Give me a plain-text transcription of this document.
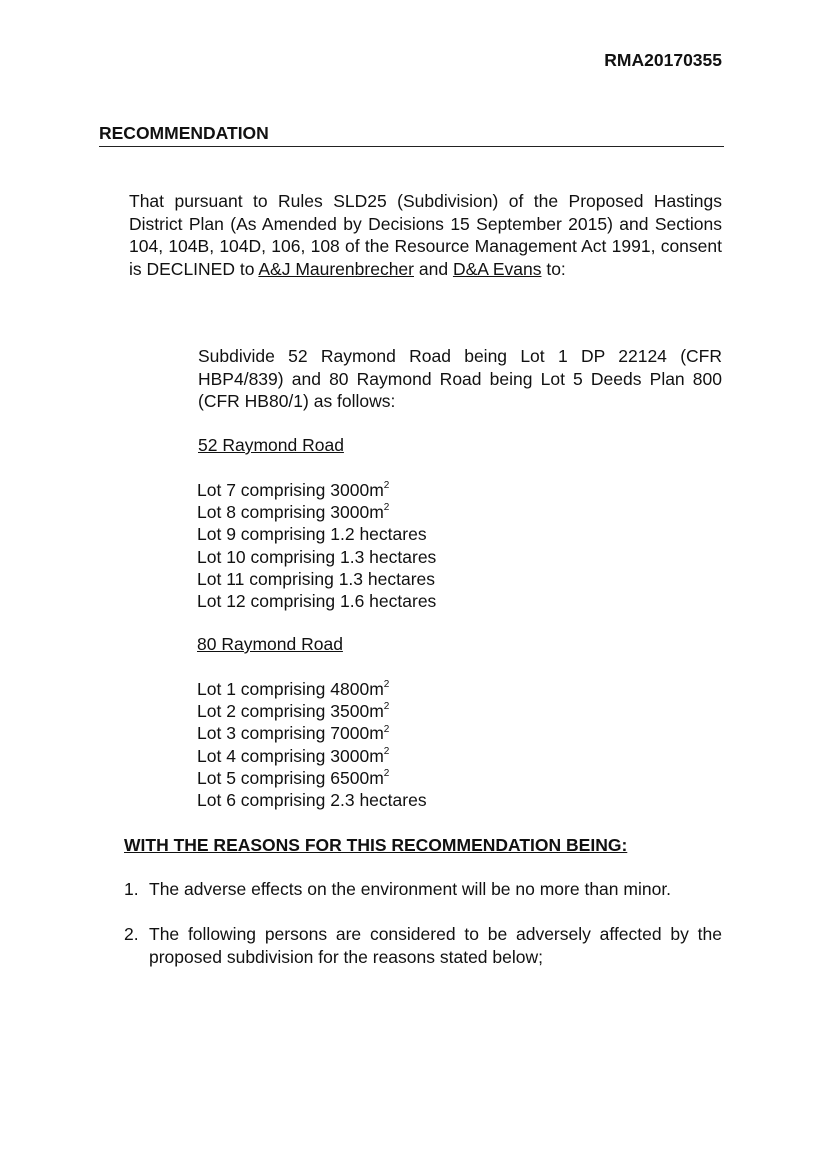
RMA20170355
RECOMMENDATION

That pursuant to Rules SLD25 (Subdivision) of the Proposed Hastings District Plan (As Amended by Decisions 15 September 2015) and Sections 104, 104B, 104D, 106, 108 of the Resource Management Act 1991, consent is DECLINED to A&J Maurenbrecher and D&A Evans to:

Subdivide 52 Raymond Road being Lot 1 DP 22124 (CFR HBP4/839) and 80 Raymond Road being Lot 5 Deeds Plan 800 (CFR HB80/1) as follows:

52 Raymond Road
Lot 7 comprising $3000m^2$
Lot 8 comprising $3000m^2$
Lot 9 comprising 1.2 hectares
Lot 10 comprising 1.3 hectares
Lot 11 comprising 1.3 hectares
Lot 12 comprising 1.6 hectares
80 Raymond Road
Lot 1 comprising $4800m^2$
Lot 2 comprising $3500m^2$
Lot 3 comprising $7000m^2$
Lot 4 comprising $3000m^2$
Lot 5 comprising $6500m^2$
Lot 6 comprising 2.3 hectares
WITH THE REASONS FOR THIS RECOMMENDATION BEING:
1. The adverse effects on the environment will be no more than minor.
2. The following persons are considered to be adversely affected by the proposed subdivision for the reasons stated below;
